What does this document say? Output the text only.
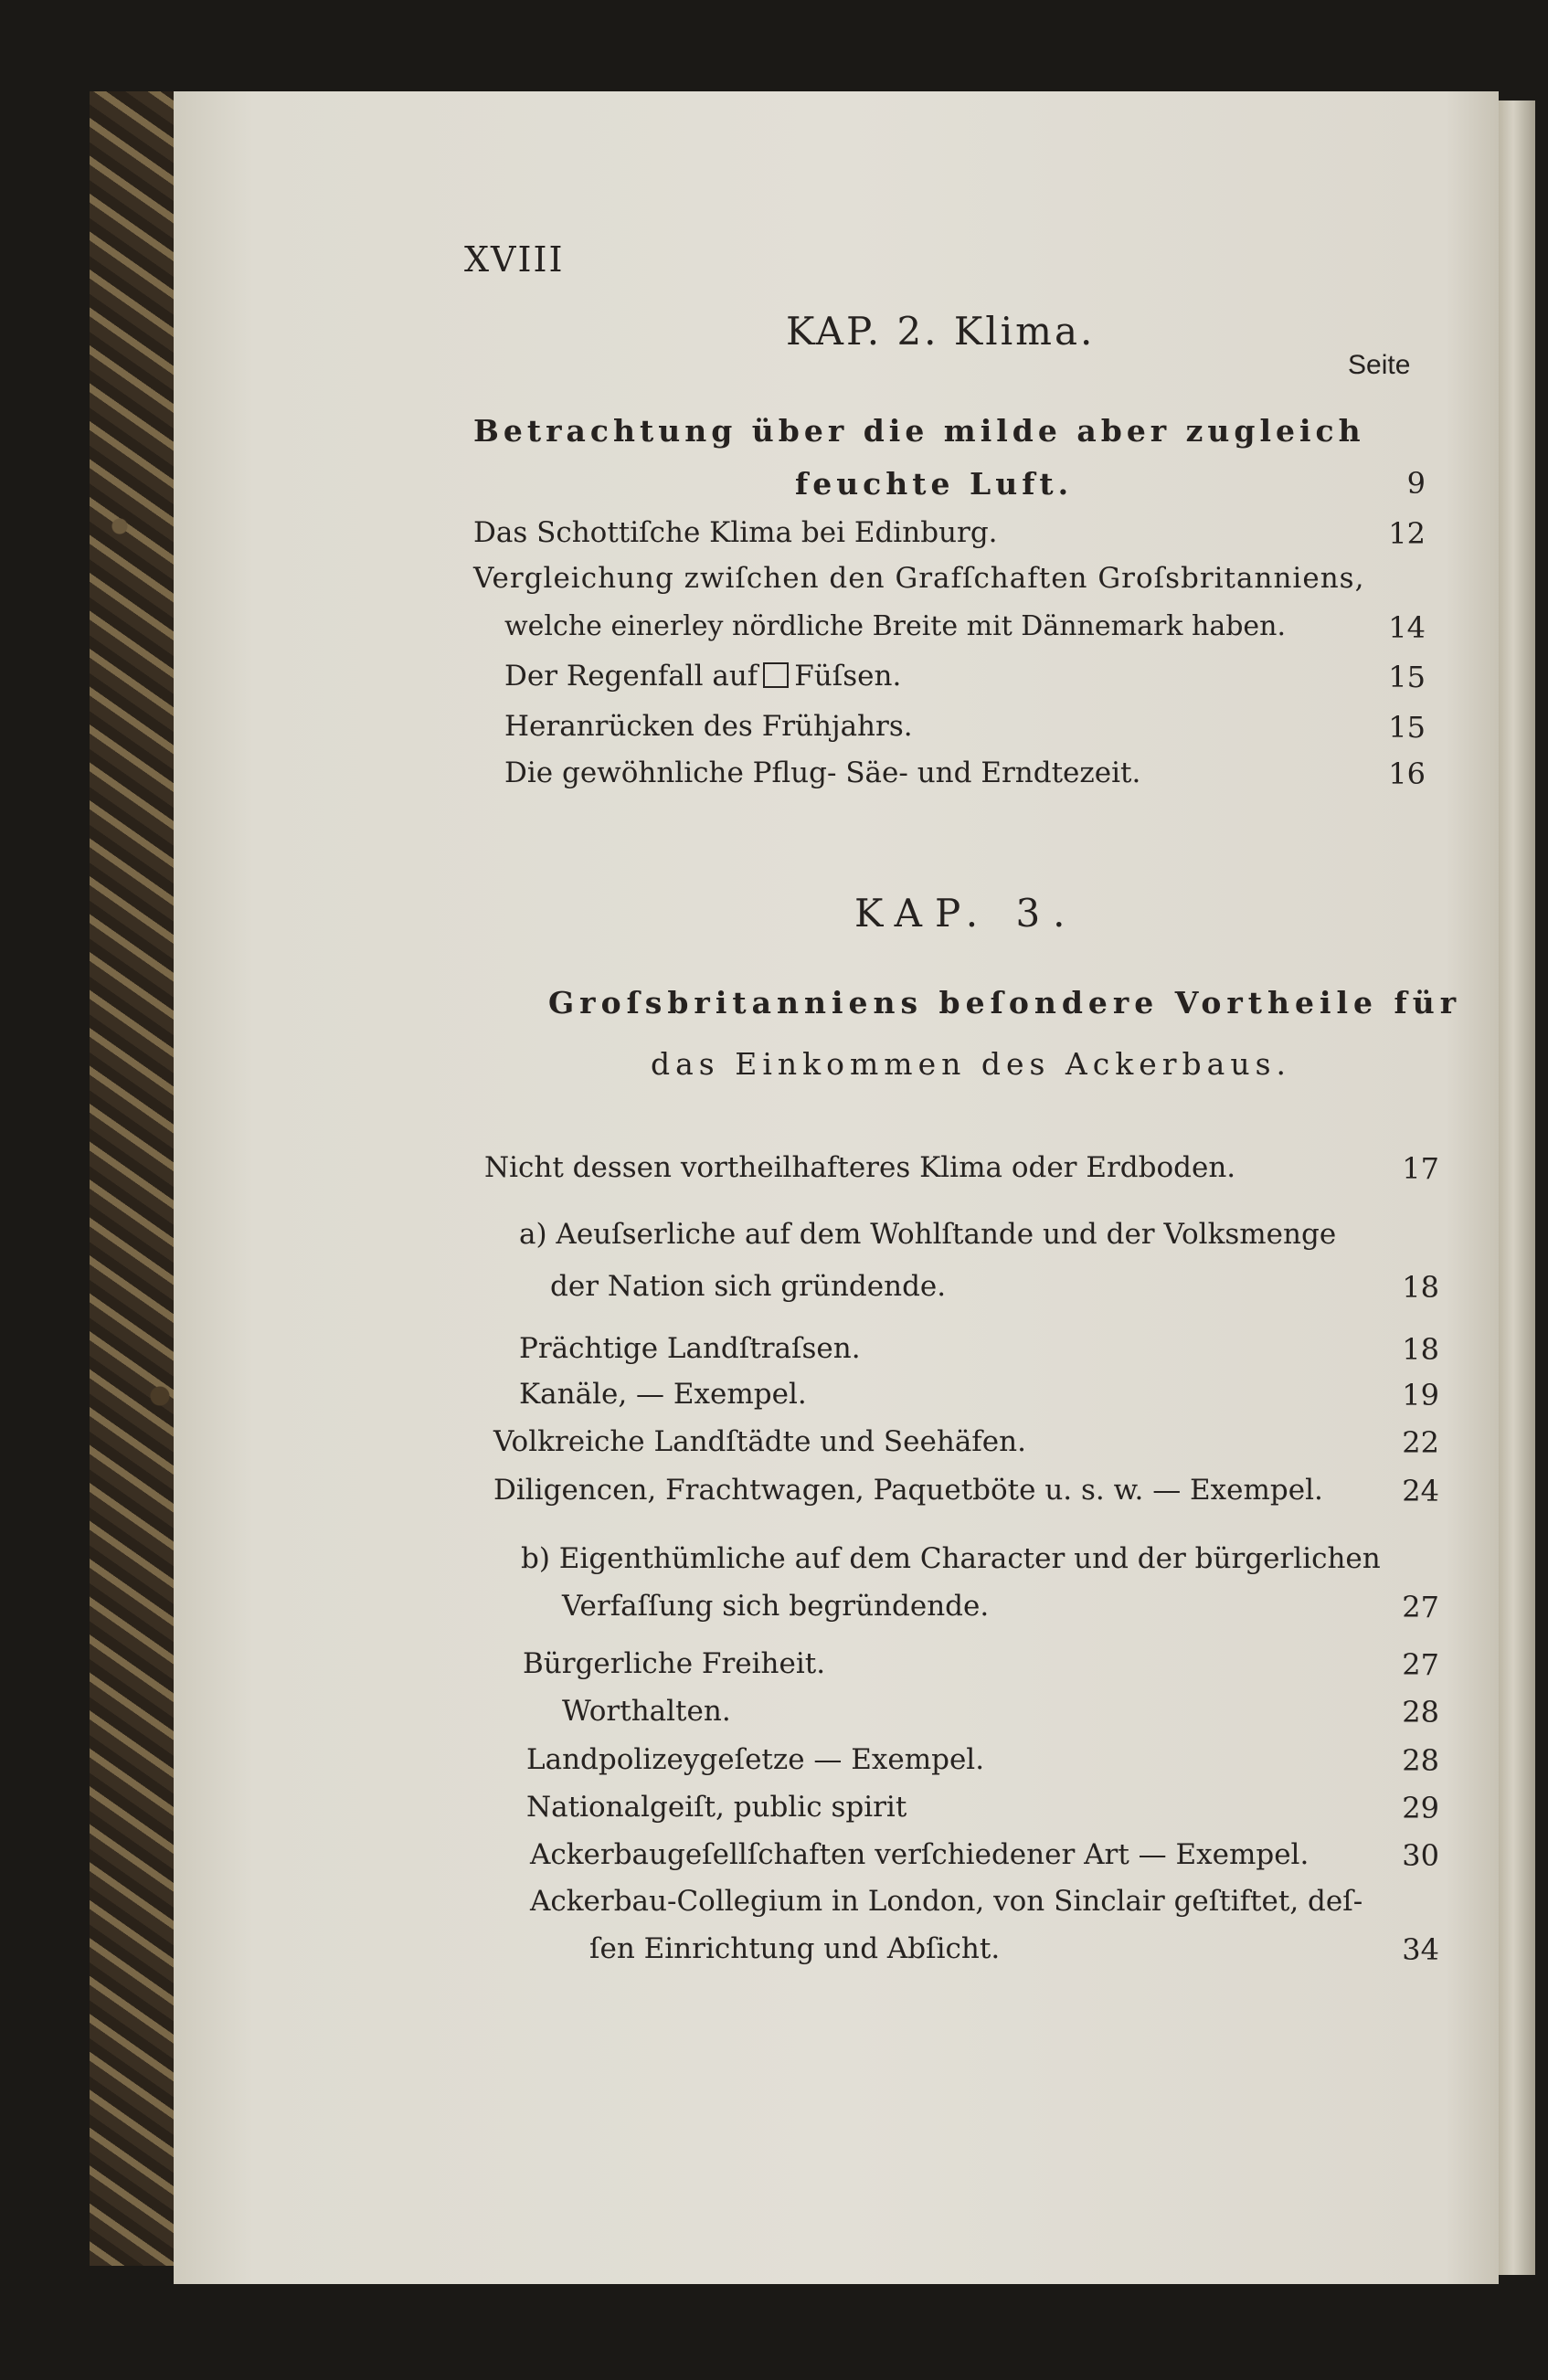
XVIII
KAP. 2. Klima.
Seite
Betrachtung über die milde aber zugleich
feuchte Luft.	9
Das Schottiſche Klima bei Edinburg.	12
Vergleichung zwiſchen den Grafſchaften Groſsbritanniens,
welche einerley nördliche Breite mit Dännemark haben.	14
Der Regenfall auf Füſsen.	15
Heranrücken des Frühjahrs.	15
Die gewöhnliche Pflug- Säe- und Erndtezeit.	16
KAP. 3.
Groſsbritanniens beſondere Vortheile für
das Einkommen des Ackerbaus.
Nicht dessen vortheilhafteres Klima oder Erdboden.	17
a) Aeuſserliche auf dem Wohlſtande und der Volksmenge
der Nation sich gründende.	18
Prächtige Landſtraſsen.	18
Kanäle, — Exempel.	19
Volkreiche Landſtädte und Seehäfen.	22
Diligencen, Frachtwagen, Paquetböte u. s. w. — Exempel.	24
b) Eigenthümliche auf dem Character und der bürgerlichen
Verfaſſung sich begründende.	27
Bürgerliche Freiheit.	27
Worthalten.	28
Landpolizeygeſetze — Exempel.	28
Nationalgeiſt, public spirit	29
Ackerbaugeſellſchaften verſchiedener Art — Exempel.	30
Ackerbau-Collegium in London, von Sinclair geſtiftet, deſ-
ſen Einrichtung und Abſicht.	34
